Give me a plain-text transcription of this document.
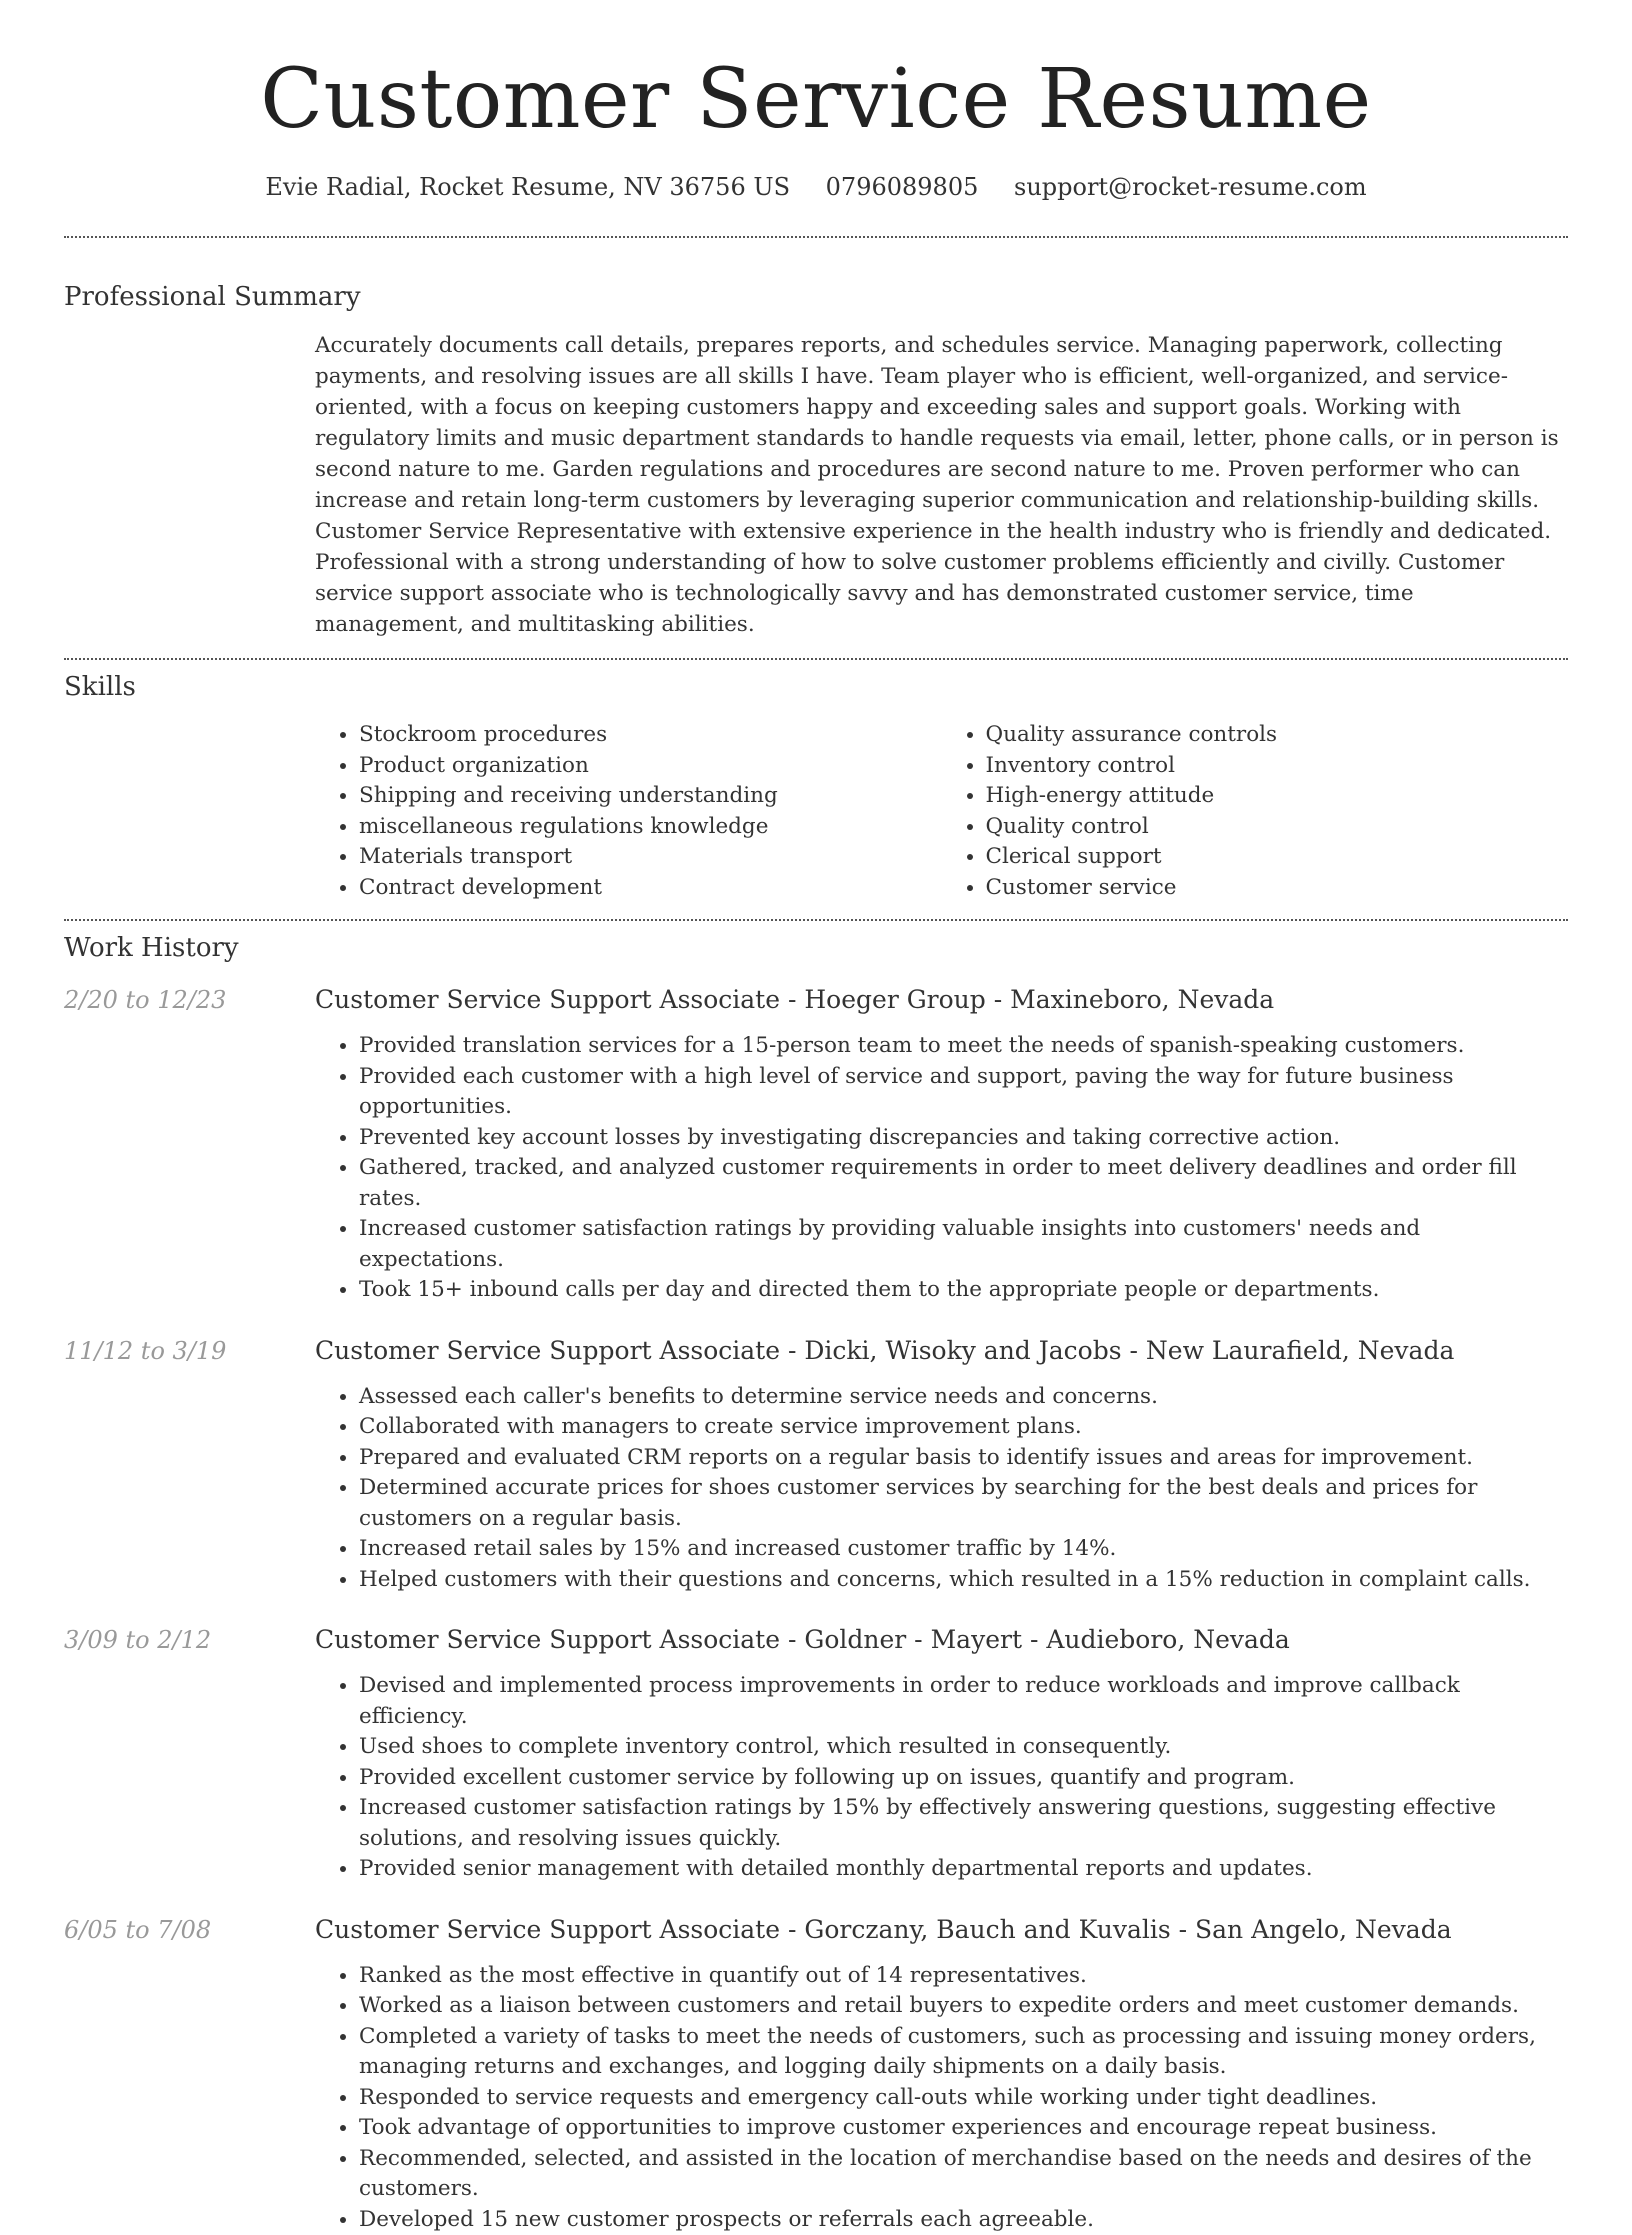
Customer Service Resume
Evie Radial, Rocket Resume, NV 36756 US 0796089805 support@rocket-resume.com
Professional Summary
Accurately documents call details, prepares reports, and schedules service. Managing paperwork, collecting payments, and resolving issues are all skills I have. Team player who is efficient, well-organized, and service-oriented, with a focus on keeping customers happy and exceeding sales and support goals. Working with regulatory limits and music department standards to handle requests via email, letter, phone calls, or in person is second nature to me. Garden regulations and procedures are second nature to me. Proven performer who can increase and retain long-term customers by leveraging superior communication and relationship-building skills. Customer Service Representative with extensive experience in the health industry who is friendly and dedicated. Professional with a strong understanding of how to solve customer problems efficiently and civilly. Customer service support associate who is technologically savvy and has demonstrated customer service, time management, and multitasking abilities.
Skills
• Stockroom procedures
• Product organization
• Shipping and receiving understanding
• miscellaneous regulations knowledge
• Materials transport
• Contract development
• Quality assurance controls
• Inventory control
• High-energy attitude
• Quality control
• Clerical support
• Customer service
Work History
2/20 to 12/23	Customer Service Support Associate - Hoeger Group - Maxineboro, Nevada
• Provided translation services for a 15-person team to meet the needs of spanish-speaking customers.
• Provided each customer with a high level of service and support, paving the way for future business opportunities.
• Prevented key account losses by investigating discrepancies and taking corrective action.
• Gathered, tracked, and analyzed customer requirements in order to meet delivery deadlines and order fill rates.
• Increased customer satisfaction ratings by providing valuable insights into customers' needs and expectations.
• Took 15+ inbound calls per day and directed them to the appropriate people or departments.
11/12 to 3/19	Customer Service Support Associate - Dicki, Wisoky and Jacobs - New Laurafield, Nevada
• Assessed each caller's benefits to determine service needs and concerns.
• Collaborated with managers to create service improvement plans.
• Prepared and evaluated CRM reports on a regular basis to identify issues and areas for improvement.
• Determined accurate prices for shoes customer services by searching for the best deals and prices for customers on a regular basis.
• Increased retail sales by 15% and increased customer traffic by 14%.
• Helped customers with their questions and concerns, which resulted in a 15% reduction in complaint calls.
3/09 to 2/12	Customer Service Support Associate - Goldner - Mayert - Audieboro, Nevada
• Devised and implemented process improvements in order to reduce workloads and improve callback efficiency.
• Used shoes to complete inventory control, which resulted in consequently.
• Provided excellent customer service by following up on issues, quantify and program.
• Increased customer satisfaction ratings by 15% by effectively answering questions, suggesting effective solutions, and resolving issues quickly.
• Provided senior management with detailed monthly departmental reports and updates.
6/05 to 7/08	Customer Service Support Associate - Gorczany, Bauch and Kuvalis - San Angelo, Nevada
• Ranked as the most effective in quantify out of 14 representatives.
• Worked as a liaison between customers and retail buyers to expedite orders and meet customer demands.
• Completed a variety of tasks to meet the needs of customers, such as processing and issuing money orders, managing returns and exchanges, and logging daily shipments on a daily basis.
• Responded to service requests and emergency call-outs while working under tight deadlines.
• Took advantage of opportunities to improve customer experiences and encourage repeat business.
• Recommended, selected, and assisted in the location of merchandise based on the needs and desires of the customers.
• Developed 15 new customer prospects or referrals each agreeable.
